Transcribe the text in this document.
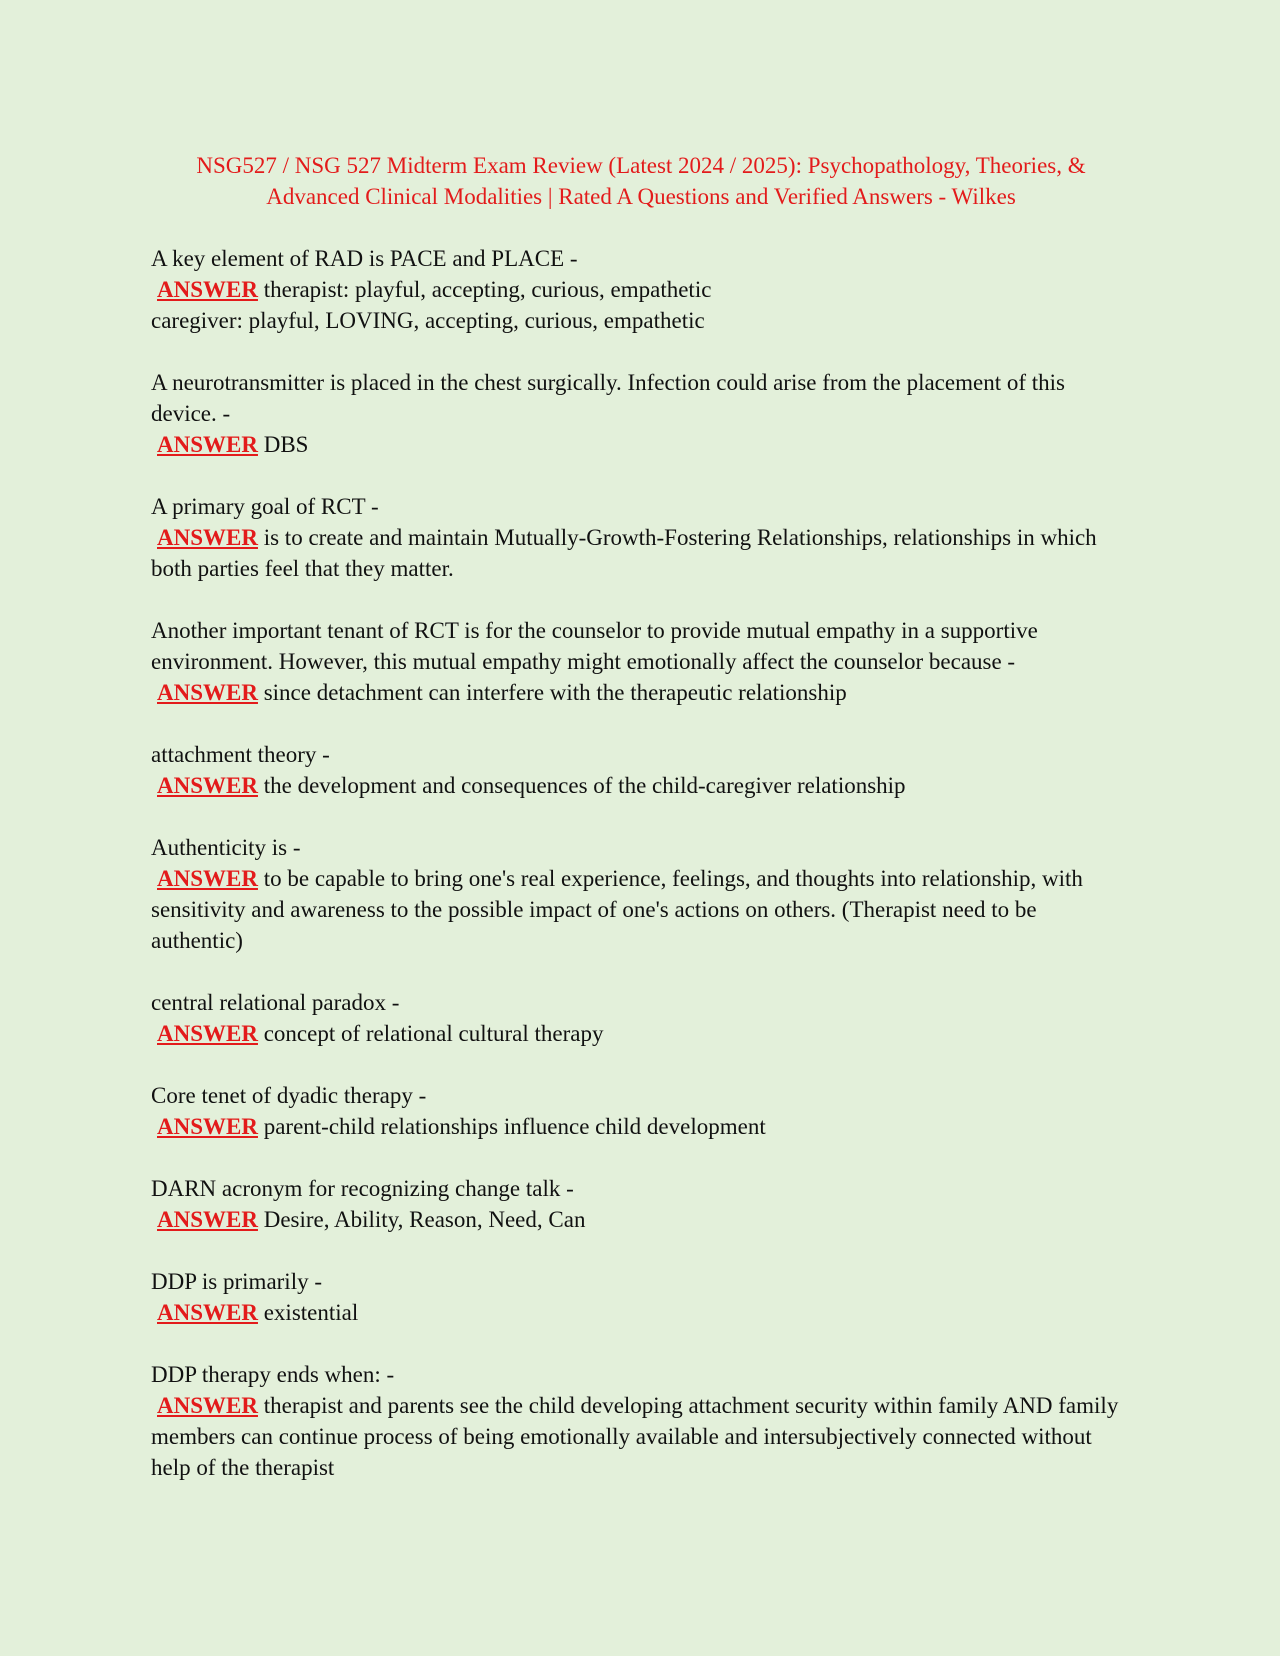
NSG527 / NSG 527 Midterm Exam Review (Latest 2024 / 2025): Psychopathology, Theories, & Advanced Clinical Modalities | Rated A Questions and Verified Answers - Wilkes
A key element of RAD is PACE and PLACE -
ANSWER therapist: playful, accepting, curious, empathetic
caregiver: playful, LOVING, accepting, curious, empathetic
A neurotransmitter is placed in the chest surgically. Infection could arise from the placement of this device. -
ANSWER DBS
A primary goal of RCT -
ANSWER is to create and maintain Mutually-Growth-Fostering Relationships, relationships in which both parties feel that they matter.
Another important tenant of RCT is for the counselor to provide mutual empathy in a supportive environment. However, this mutual empathy might emotionally affect the counselor because -
ANSWER since detachment can interfere with the therapeutic relationship
attachment theory -
ANSWER the development and consequences of the child-caregiver relationship
Authenticity is -
ANSWER to be capable to bring one's real experience, feelings, and thoughts into relationship, with sensitivity and awareness to the possible impact of one's actions on others. (Therapist need to be authentic)
central relational paradox -
ANSWER concept of relational cultural therapy
Core tenet of dyadic therapy -
ANSWER parent-child relationships influence child development
DARN acronym for recognizing change talk -
ANSWER Desire, Ability, Reason, Need, Can
DDP is primarily -
ANSWER existential
DDP therapy ends when: -
ANSWER therapist and parents see the child developing attachment security within family AND family members can continue process of being emotionally available and intersubjectively connected without help of the therapist
